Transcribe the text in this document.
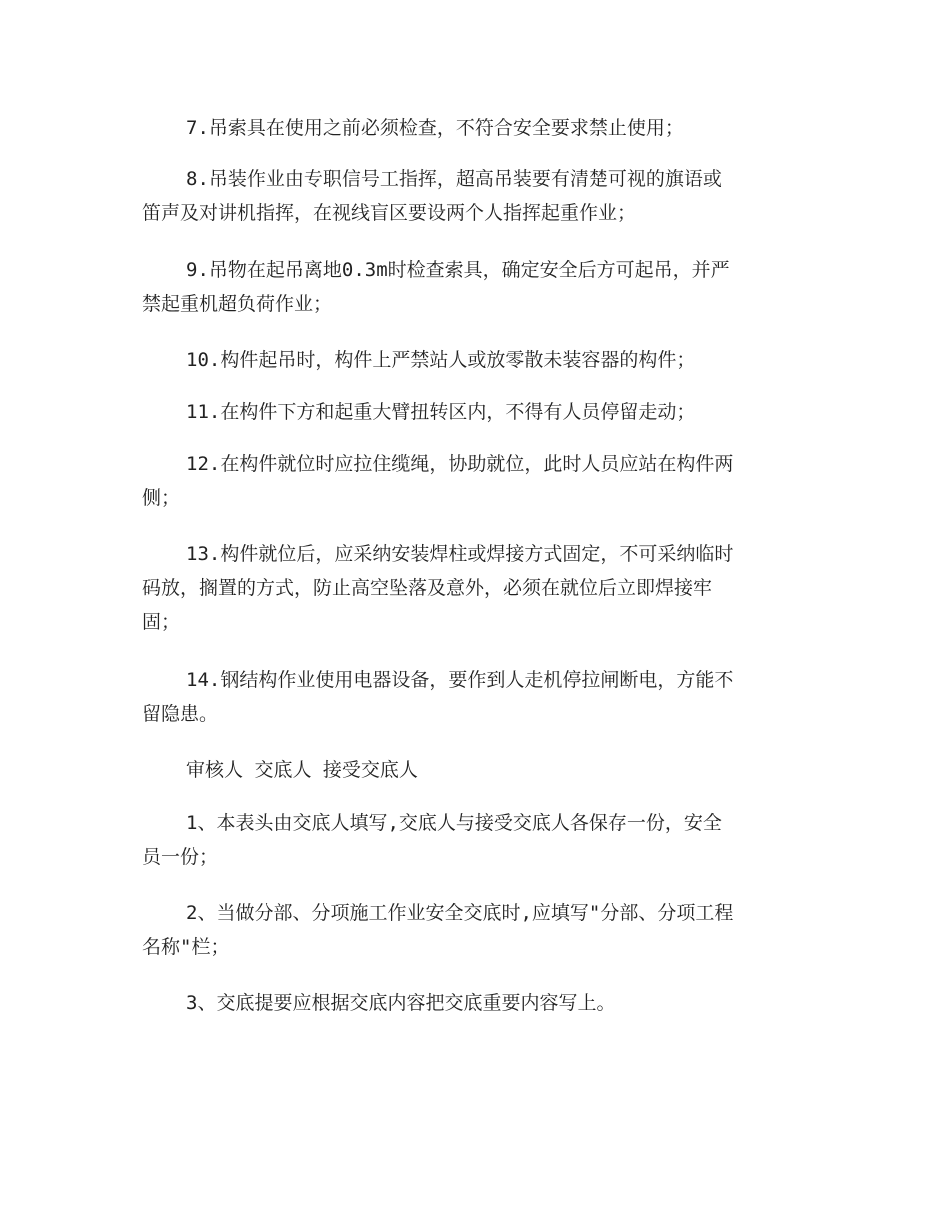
7.吊索具在使用之前必须检查，不符合安全要求禁止使用；

8.吊装作业由专职信号工指挥，超高吊装要有清楚可视的旗语或
笛声及对讲机指挥，在视线盲区要设两个人指挥起重作业；

9.吊物在起吊离地0.3m时检查索具，确定安全后方可起吊，并严
禁起重机超负荷作业；

10.构件起吊时，构件上严禁站人或放零散未装容器的构件；

11.在构件下方和起重大臂扭转区内，不得有人员停留走动；

12.在构件就位时应拉住缆绳，协助就位，此时人员应站在构件两
侧；

13.构件就位后，应采纳安装焊柱或焊接方式固定，不可采纳临时
码放，搁置的方式，防止高空坠落及意外，必须在就位后立即焊接牢
固；

14.钢结构作业使用电器设备，要作到人走机停拉闸断电，方能不
留隐患。

审核人 交底人 接受交底人

1、本表头由交底人填写,交底人与接受交底人各保存一份，安全
员一份；

2、当做分部、分项施工作业安全交底时,应填写"分部、分项工程
名称"栏；

3、交底提要应根据交底内容把交底重要内容写上。
